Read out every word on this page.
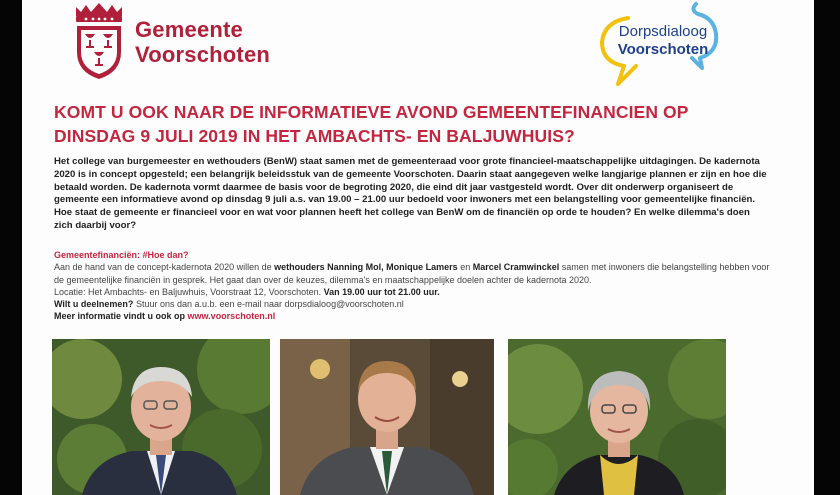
Gemeente
Voorschoten
Dorpsdialoog
Voorschoten
KOMT U OOK NAAR DE INFORMATIEVE AVOND GEMEENTEFINANCIEN OP
DINSDAG 9 JULI 2019 IN HET AMBACHTS- EN BALJUWHUIS?
Het college van burgemeester en wethouders (BenW) staat samen met de gemeenteraad voor grote financieel-maatschappelijke uitdagingen. De kadernota 2020 is in concept opgesteld; een belangrijk beleidsstuk van de gemeente Voorschoten. Daarin staat aangegeven welke langjarige plannen er zijn en hoe die betaald worden. De kadernota vormt daarmee de basis voor de begroting 2020, die eind dit jaar vastgesteld wordt. Over dit onderwerp organiseert de gemeente een informatieve avond op dinsdag 9 juli a.s. van 19.00 – 21.00 uur bedoeld voor inwoners met een belangstelling voor gemeentelijke financiën. Hoe staat de gemeente er financieel voor en wat voor plannen heeft het college van BenW om de financiën op orde te houden? En welke dilemma's doen zich daarbij voor?
Gemeentefinanciën: #Hoe dan?
Aan de hand van de concept-kadernota 2020 willen de wethouders Nanning Mol, Monique Lamers en Marcel Cramwinckel samen met inwoners die belangstelling hebben voor de gemeentelijke financiën in gesprek. Het gaat dan over de keuzes, dilemma's en maatschappelijke doelen achter de kadernota 2020.
Locatie: Het Ambachts- en Baljuwhuis, Voorstraat 12, Voorschoten. Van 19.00 uur tot 21.00 uur.
Wilt u deelnemen? Stuur ons dan a.u.b. een e-mail naar dorpsdialoog@voorschoten.nl
Meer informatie vindt u ook op www.voorschoten.nl
